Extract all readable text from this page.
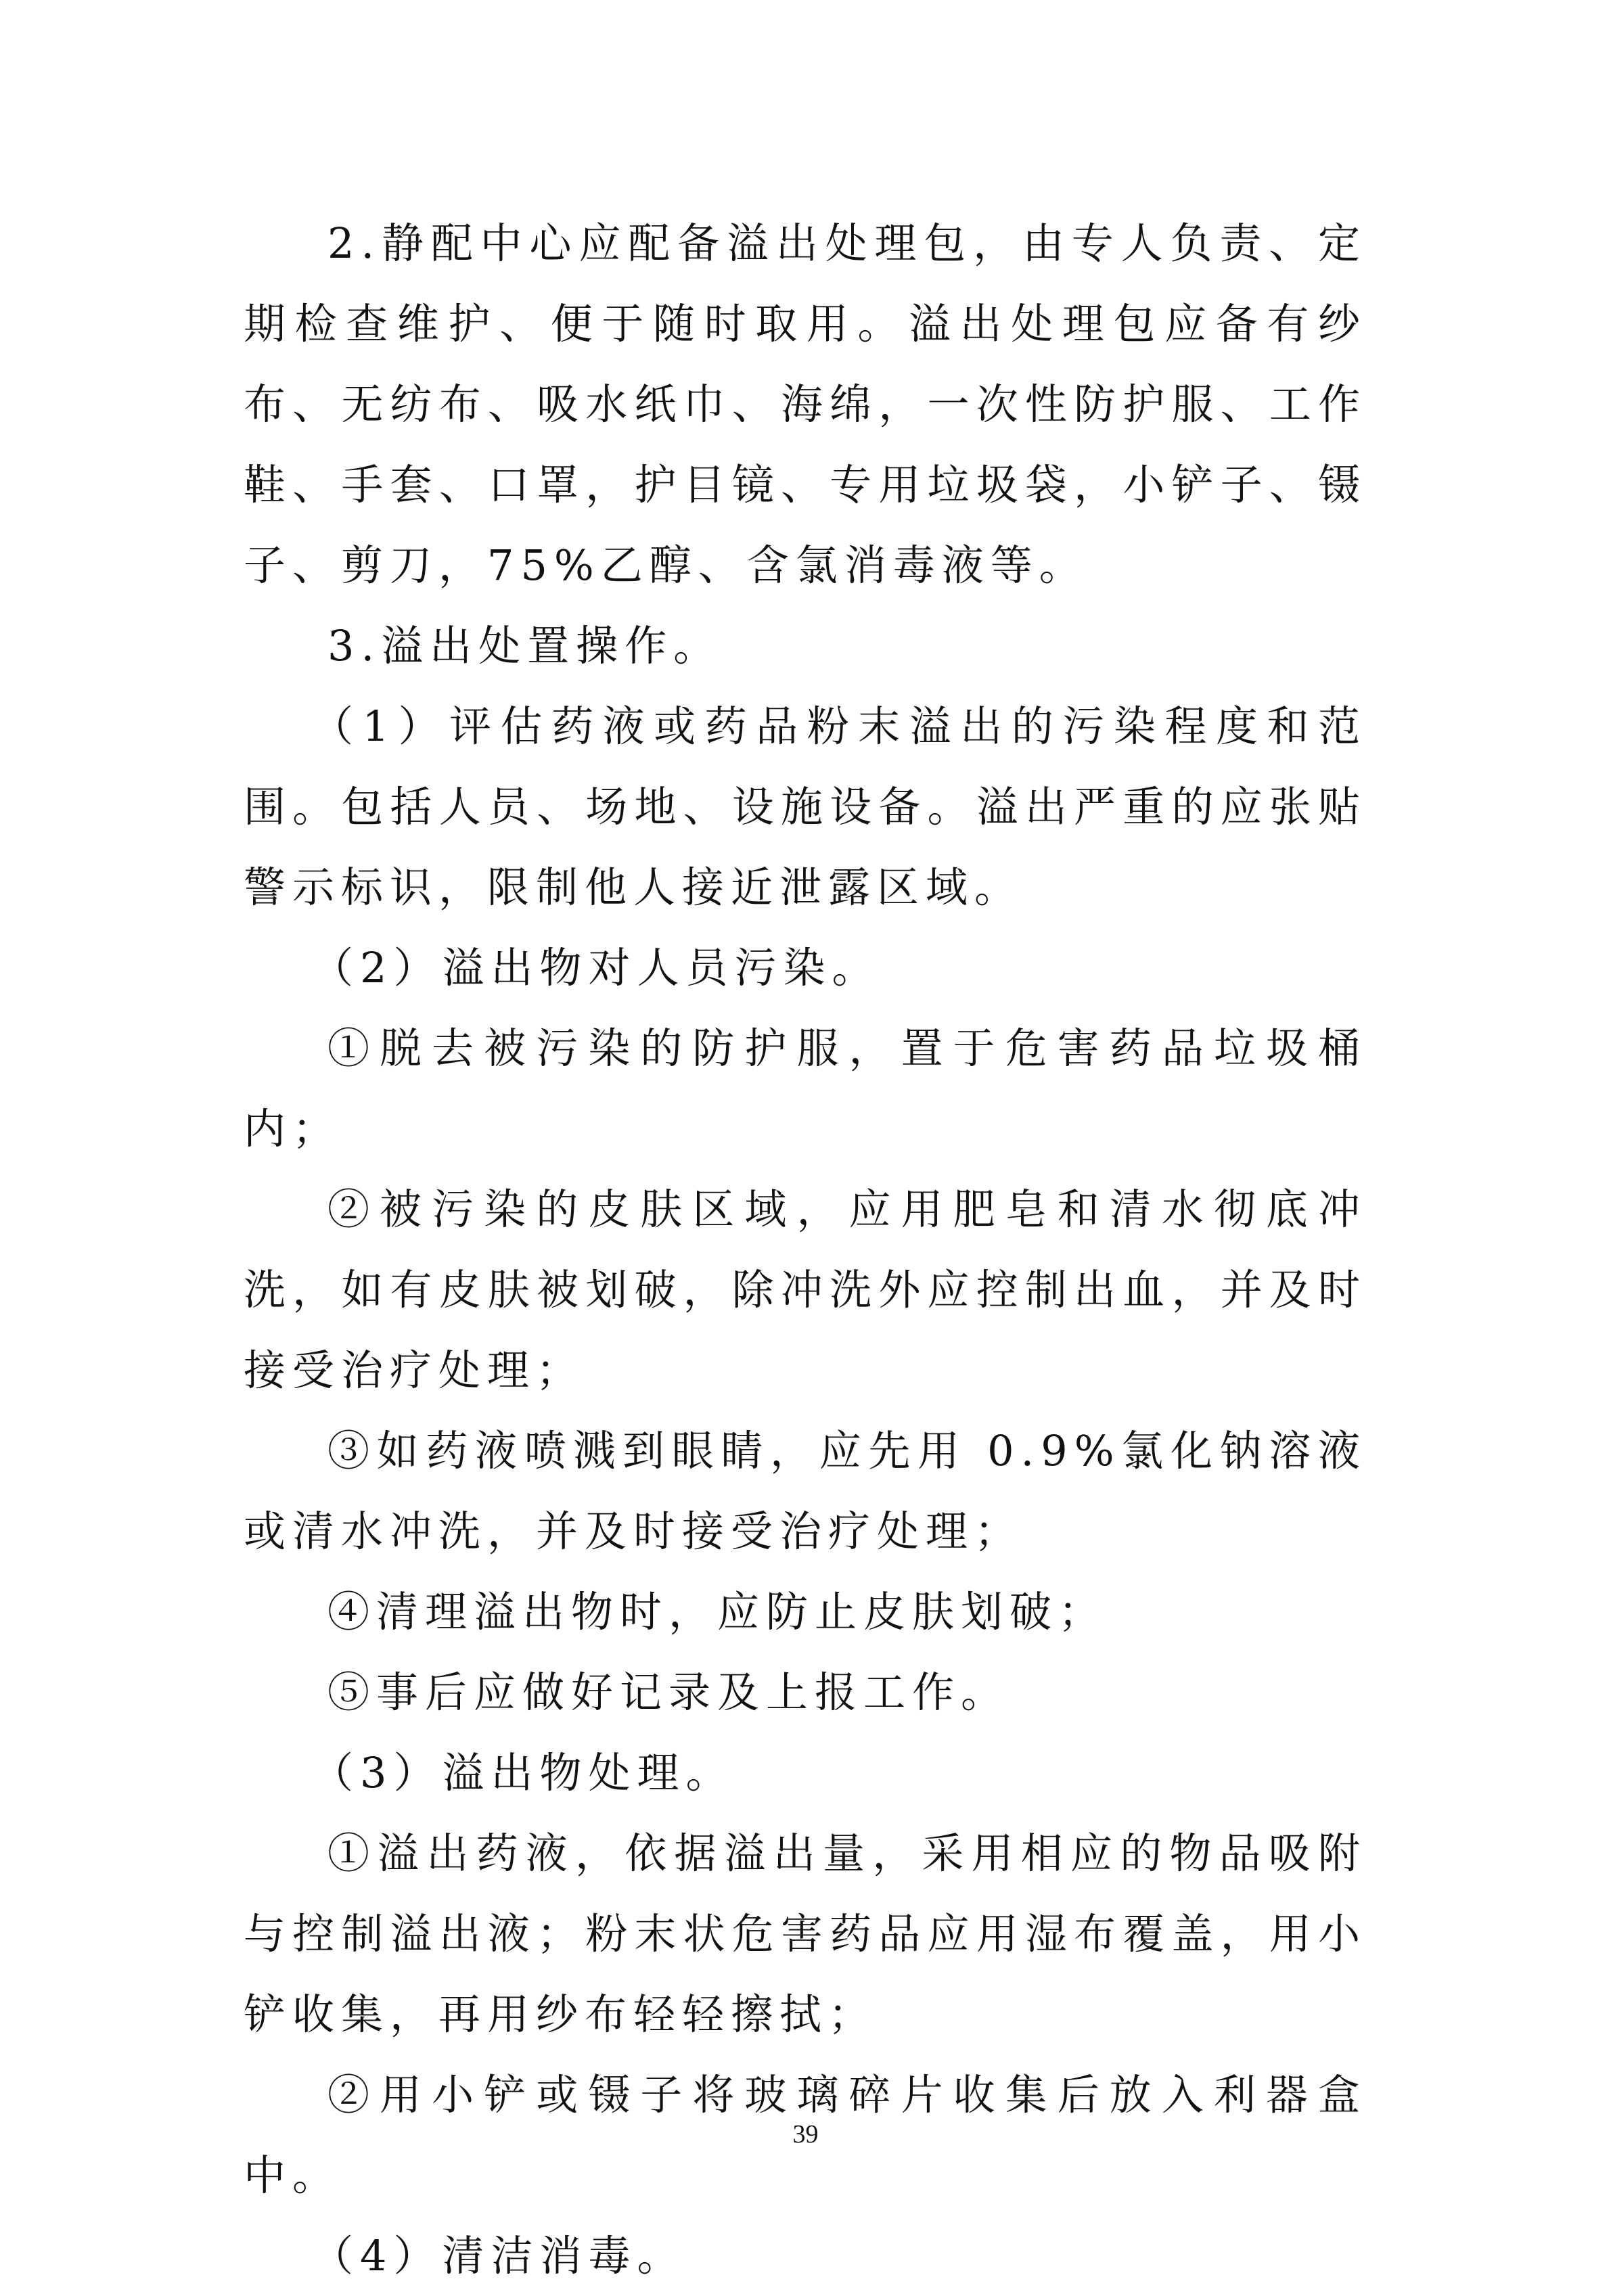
2.静配中心应配备溢出处理包，由专人负责、定期检查维护、便于随时取用。溢出处理包应备有纱布、无纺布、吸水纸巾、海绵，一次性防护服、工作鞋、手套、口罩，护目镜、专用垃圾袋，小铲子、镊子、剪刀，75%乙醇、含氯消毒液等。

3.溢出处置操作。

（1）评估药液或药品粉末溢出的污染程度和范围。包括人员、场地、设施设备。溢出严重的应张贴警示标识，限制他人接近泄露区域。

（2）溢出物对人员污染。

①脱去被污染的防护服，置于危害药品垃圾桶内；

②被污染的皮肤区域，应用肥皂和清水彻底冲洗，如有皮肤被划破，除冲洗外应控制出血，并及时接受治疗处理；

③如药液喷溅到眼睛，应先用 0.9%氯化钠溶液或清水冲洗，并及时接受治疗处理；

④清理溢出物时，应防止皮肤划破；

⑤事后应做好记录及上报工作。

（3）溢出物处理。

①溢出药液，依据溢出量，采用相应的物品吸附与控制溢出液；粉末状危害药品应用湿布覆盖，用小铲收集，再用纱布轻轻擦拭；

②用小铲或镊子将玻璃碎片收集后放入利器盒中。

（4）清洁消毒。

39
